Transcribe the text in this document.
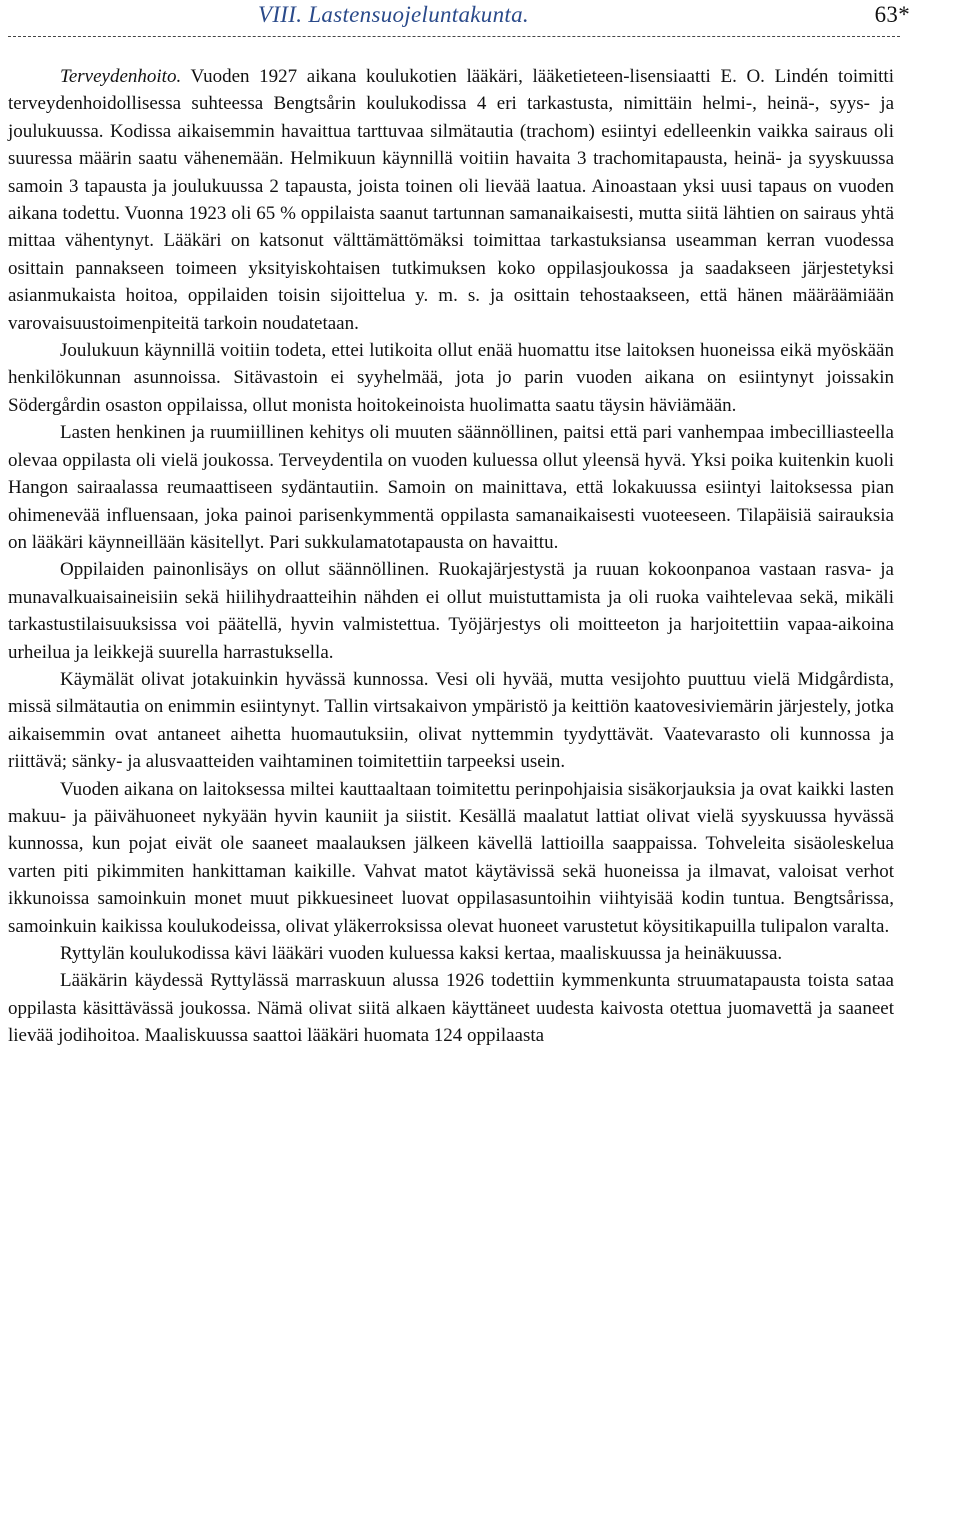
VIII. Lastensuojeluntakunta.	63*

Terveydenhoito. Vuoden 1927 aikana koulukotien lääkäri, lääketieteen-lisensiaatti E. O. Lindén toimitti terveydenhoidollisessa suhteessa Bengtsårin koulukodissa 4 eri tarkastusta, nimittäin helmi-, heinä-, syys- ja joulukuussa. Kodissa aikaisemmin havaittua tarttuvaa silmätautia (trachom) esiintyi edelleenkin vaikka sairaus oli suuressa määrin saatu vähenemään. Helmikuun käynnillä voitiin havaita 3 trachomitapausta, heinä- ja syyskuussa samoin 3 tapausta ja joulukuussa 2 tapausta, joista toinen oli lievää laatua. Ainoastaan yksi uusi tapaus on vuoden aikana todettu. Vuonna 1923 oli 65 % oppilaista saanut tartunnan samanaikaisesti, mutta siitä lähtien on sairaus yhtä mittaa vähentynyt. Lääkäri on katsonut välttämättömäksi toimittaa tarkastuksiansa useamman kerran vuodessa osittain pannakseen toimeen yksityiskohtaisen tutkimuksen koko oppilasjoukossa ja saadakseen järjestetyksi asianmukaista hoitoa, oppilaiden toisin sijoittelua y. m. s. ja osittain tehostaakseen, että hänen määräämiään varovaisuustoimenpiteitä tarkoin noudatetaan.

Joulukuun käynnillä voitiin todeta, ettei lutikoita ollut enää huomattu itse laitoksen huoneissa eikä myöskään henkilökunnan asunnoissa. Sitävastoin ei syyhelmää, jota jo parin vuoden aikana on esiintynyt joissakin Södergårdin osaston oppilaissa, ollut monista hoitokeinoista huolimatta saatu täysin häviämään.

Lasten henkinen ja ruumiillinen kehitys oli muuten säännöllinen, paitsi että pari vanhempaa imbecilliasteella olevaa oppilasta oli vielä joukossa. Terveydentila on vuoden kuluessa ollut yleensä hyvä. Yksi poika kuitenkin kuoli Hangon sairaalassa reumaattiseen sydäntautiin. Samoin on mainittava, että lokakuussa esiintyi laitoksessa pian ohimenevää influensaan, joka painoi parisenkymmentä oppilasta samanaikaisesti vuoteeseen. Tilapäisiä sairauksia on lääkäri käynneillään käsitellyt. Pari sukkulamatotapausta on havaittu.

Oppilaiden painonlisäys on ollut säännöllinen. Ruokajärjestystä ja ruuan kokoonpanoa vastaan rasva- ja munavalkuaisaineisiin sekä hiilihydraatteihin nähden ei ollut muistuttamista ja oli ruoka vaihtelevaa sekä, mikäli tarkastustilaisuuksissa voi päätellä, hyvin valmistettua. Työjärjestys oli moitteeton ja harjoitettiin vapaa-aikoina urheilua ja leikkejä suurella harrastuksella.

Käymälät olivat jotakuinkin hyvässä kunnossa. Vesi oli hyvää, mutta vesijohto puuttuu vielä Midgårdista, missä silmätautia on enimmin esiintynyt. Tallin virtsakaivon ympäristö ja keittiön kaatovesiviemärin järjestely, jotka aikaisemmin ovat antaneet aihetta huomautuksiin, olivat nyttemmin tyydyttävät. Vaatevarasto oli kunnossa ja riittävä; sänky- ja alusvaatteiden vaihtaminen toimitettiin tarpeeksi usein.

Vuoden aikana on laitoksessa miltei kauttaaltaan toimitettu perinpohjaisia sisäkorjauksia ja ovat kaikki lasten makuu- ja päivähuoneet nykyään hyvin kauniit ja siistit. Kesällä maalatut lattiat olivat vielä syyskuussa hyvässä kunnossa, kun pojat eivät ole saaneet maalauksen jälkeen kävellä lattioilla saappaissa. Tohveleita sisäoleskelua varten piti pikimmiten hankittaman kaikille. Vahvat matot käytävissä sekä huoneissa ja ilmavat, valoisat verhot ikkunoissa samoinkuin monet muut pikkuesineet luovat oppilasasuntoihin viihtyisää kodin tuntua. Bengtsårissa, samoinkuin kaikissa koulukodeissa, olivat yläkerroksissa olevat huoneet varustetut köysitikapuilla tulipalon varalta.

Ryttylän koulukodissa kävi lääkäri vuoden kuluessa kaksi kertaa, maaliskuussa ja heinäkuussa.

Lääkärin käydessä Ryttylässä marraskuun alussa 1926 todettiin kymmenkunta struumatapausta toista sataa oppilasta käsittävässä joukossa. Nämä olivat siitä alkaen käyttäneet uudesta kaivosta otettua juomavettä ja saaneet lievää jodihoitoa. Maaliskuussa saattoi lääkäri huomata 124 oppilaasta
